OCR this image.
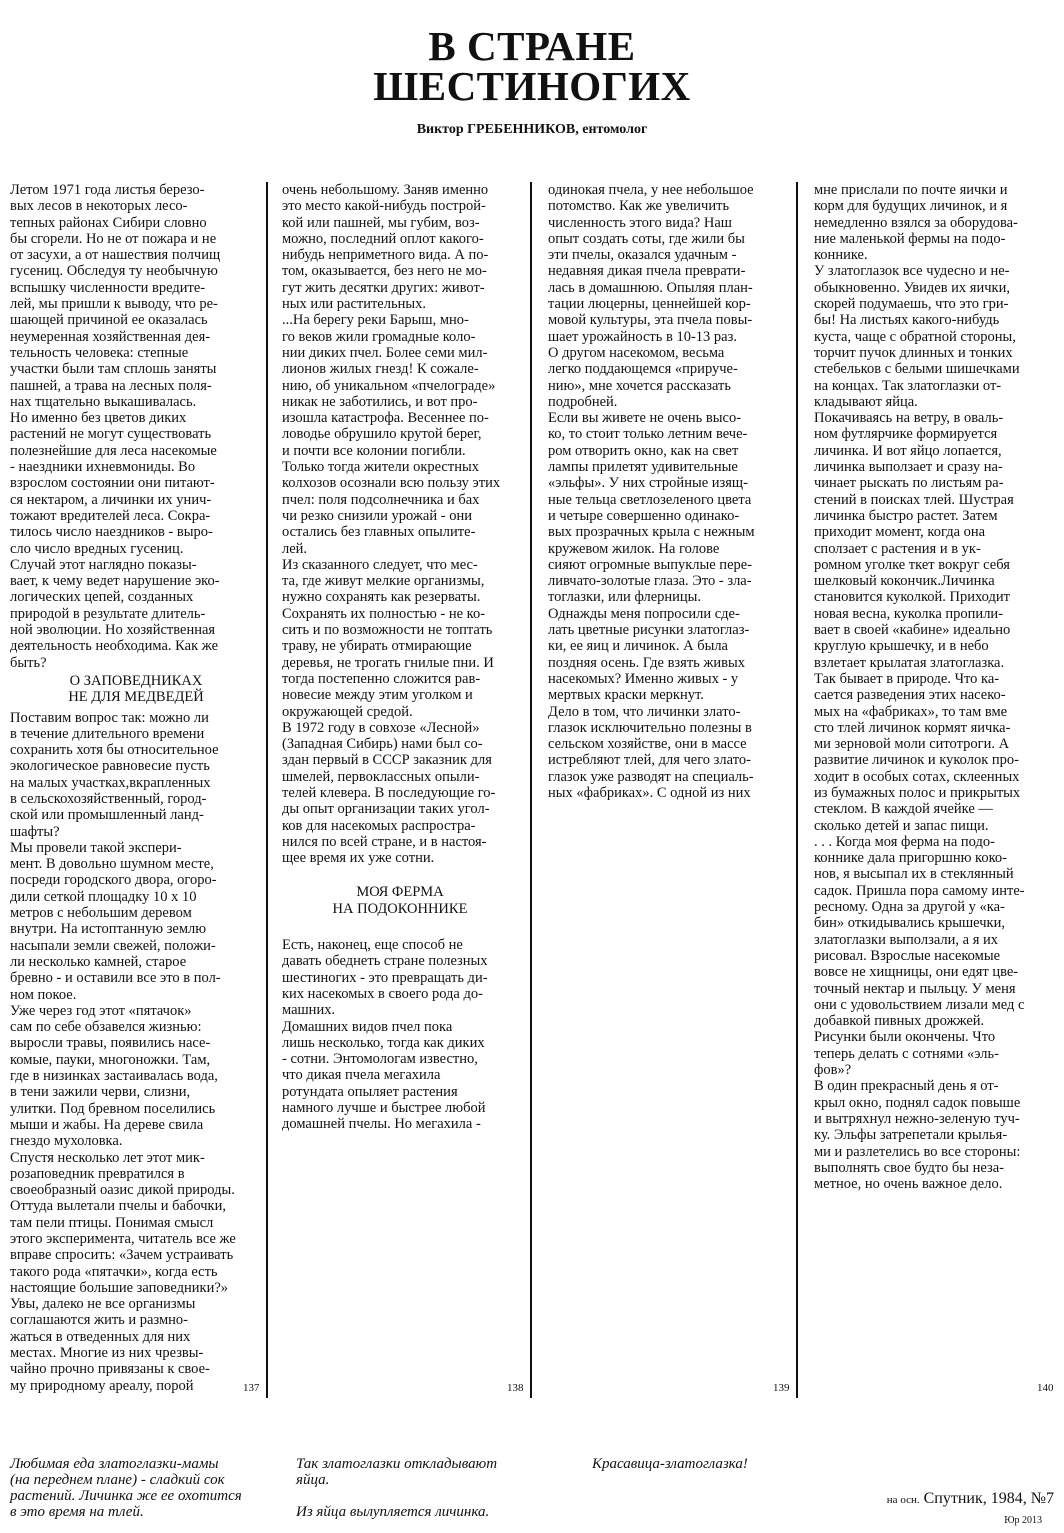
В СТРАНЕ
ШЕСТИНОГИХ

Виктор ГРЕБЕННИКОВ, ентомолог

Летом 1971 года листья березо-
вых лесов в некоторых лесо-
тепных районах Сибири словно
бы сгорели. Но не от пожара и не
от засухи, а от нашествия полчищ
гусениц. Обследуя ту необычную
вспышку численности вредите-
лей, мы пришли к выводу, что ре-
шающей причиной ее оказалась
неумеренная хозяйственная дея-
тельность человека: степные
участки были там сплошь заняты
пашней, а трава на лесных поля-
нах тщательно выкашивалась.
Но именно без цветов диких
растений не могут существовать
полезнейшие для леса насекомые
- наездники ихневмониды. Во
взрослом состоянии они питают-
ся нектаром, а личинки их унич-
тожают вредителей леса. Сокра-
тилось число наездников - выро-
сло число вредных гусениц.
Случай этот наглядно показы-
вает, к чему ведет нарушение эко-
логических цепей, созданных
природой в результате длитель-
ной эволюции. Но хозяйственная
деятельность необходима. Как же
быть?

О ЗАПОВЕДНИКАХ
НЕ ДЛЯ МЕДВЕДЕЙ

Поставим вопрос так: можно ли
в течение длительного времени
сохранить хотя бы относительное
экологическое равновесие пусть
на малых участках,вкрапленных
в сельскохозяйственный, город-
ской или промышленный ланд-
шафты?
Мы провели такой экспери-
мент. В довольно шумном месте,
посреди городского двора, огоро-
дили сеткой площадку 10 х 10
метров с небольшим деревом
внутри. На истоптанную землю
насыпали земли свежей, положи-
ли несколько камней, старое
бревно - и оставили все это в пол-
ном покое.
Уже через год этот «пятачок»
сам по себе обзавелся жизнью:
выросли травы, появились насе-
комые, пауки, многоножки. Там,
где в низинках застаивалась вода,
в тени зажили черви, слизни,
улитки. Под бревном поселились
мыши и жабы. На дереве свила
гнездо мухоловка.
Спустя несколько лет этот мик-
розаповедник превратился в
своеобразный оазис дикой природы.
Оттуда вылетали пчелы и бабочки,
там пели птицы. Понимая смысл
этого эксперимента, читатель все же
вправе спросить: «Зачем устраивать
такого рода «пятачки», когда есть
настоящие большие заповедники?»
Увы, далеко не все организмы
соглашаются жить и размно-
жаться в отведенных для них
местах. Многие из них чрезвы-
чайно прочно привязаны к свое-
му природному ареалу, порой

очень небольшому. Заняв именно
это место какой-нибудь построй-
кой или пашней, мы губим, воз-
можно, последний оплот какого-
нибудь неприметного вида. А по-
том, оказывается, без него не мо-
гут жить десятки других: живот-
ных или растительных.
...На берегу реки Барыш, мно-
го веков жили громадные коло-
нии диких пчел. Более семи мил-
лионов жилых гнезд! К сожале-
нию, об уникальном «пчелограде»
никак не заботились, и вот про-
изошла катастрофа. Весеннее по-
ловодье обрушило крутой берег,
и почти все колонии погибли.
Только тогда жители окрестных
колхозов осознали всю пользу этих
пчел: поля подсолнечника и бах
чи резко снизили урожай - они
остались без главных опылите-
лей.
Из сказанного следует, что мес-
та, где живут мелкие организмы,
нужно сохранять как резерваты.
Сохранять их полностью - не ко-
сить и по возможности не топтать
траву, не убирать отмирающие
деревья, не трогать гнилые пни. И
тогда постепенно сложится рав-
новесие между этим уголком и
окружающей средой.
В 1972 году в совхозе «Лесной»
(Западная Сибирь) нами был со-
здан первый в СССР заказник для
шмелей, первокласcных опыли-
телей клевера. В последующие го-
ды опыт организации таких угол-
ков для насекомых распростра-
нился по всей стране, и в настоя-
щее время их уже сотни.

МОЯ ФЕРМА
НА ПОДОКОННИКЕ

Есть, наконец, еще способ не
давать обеднеть стране полезных
шестиногих - это превращать ди-
ких насекомых в своего рода до-
машних.
Домашних видов пчел пока
лишь несколько, тогда как диких
- сотни. Энтомологам известно,
что дикая пчела мегахила
ротундата опыляет растения
намного лучше и быстрее любой
домашней пчелы. Но мегахила -

одинокая пчела, у нее небольшое
потомство. Как же увеличить
численность этого вида? Наш
опыт создать соты, где жили бы
эти пчелы, оказался удачным -
недавняя дикая пчела преврати-
лась в домашнюю. Опыляя план-
тации люцерны, ценнейшей кор-
мовой культуры, эта пчела повы-
шает урожайность в 10-13 раз.
О другом насекомом, весьма
легко поддающемся «прируче-
нию», мне хочется рассказать
подробней.
Если вы живете не очень высо-
ко, то стоит только летним вече-
ром отворить окно, как на свет
лампы прилетят удивительные
«эльфы». У них стройные изящ-
ные тельца светлозеленого цвета
и четыре совершенно одинако-
вых прозрачных крыла с нежным
кружевом жилок. На голове
сияют огромные выпуклые пере-
ливчато-золотые глаза. Это - зла-
тоглазки, или флерницы.
Однажды меня попросили сде-
лать цветные рисунки златоглаз-
ки, ее яиц и личинок. А была
поздняя осень. Где взять живых
насекомых? Именно живых - у
мертвых краски меркнут.
Дело в том, что личинки злато-
глазок исключительно полезны в
сельском хозяйстве, они в массе
истребляют тлей, для чего злато-
глазок уже разводят на специаль-
ных «фабриках». С одной из них

мне прислали по почте яички и
корм для будущих личинок, и я
немедленно взялся за оборудова-
ние маленькой фермы на подо-
коннике.
У златоглазок все чудесно и не-
обыкновенно. Увидев их яички,
скорей подумаешь, что это гри-
бы! На листьях какого-нибудь
куста, чаще с обратной стороны,
торчит пучок длинных и тонких
стебельков с белыми шишечками
на концах. Так златоглазки от-
кладывают яйца.
Покачиваясь на ветру, в оваль-
ном футлярчике формируется
личинка. И вот яйцо лопается,
личинка выползает и сразу на-
чинает рыскать по листьям ра-
стений в поисках тлей. Шустрая
личинка быстро растет. Затем
приходит момент, когда она
сползает с растения и в ук-
ромном уголке ткет вокруг себя
шелковый кокончик.Личинка
становится куколкой. Приходит
новая весна, куколка пропили-
вает в своей «кабине» идеально
круглую крышечку, и в небо
взлетает крылатая златоглазка.
Так бывает в природе. Что ка-
сается разведения этих насеко-
мых на «фабриках», то там вме
сто тлей личинок кормят яичка-
ми зерновой моли ситотроги. А
развитие личинок и куколок про-
ходит в особых сотах, склеенных
из бумажных полос и прикрытых
стеклом. В каждой ячейке —
сколько детей и запас пищи.
. . . Когда моя ферма на подо-
коннике дала пригоршню коко-
нов, я высыпал их в стеклянный
садок. Пришла пора самому инте-
ресному. Одна за другой у «ка-
бин» откидывались крышечки,
златоглазки выползали, а я их
рисовал. Взрослые насекомые
вовсе не хищницы, они едят цве-
точный нектар и пыльцу. У меня
они с удовольствием лизали мед с
добавкой пивных дрожжей.
Рисунки были окончены. Что
теперь делать с сотнями «эль-
фов»?
В один прекрасный день я от-
крыл окно, поднял садок повыше
и вытряхнул нежно-зеленую туч-
ку. Эльфы затрепетали крылья-
ми и разлетелись во все стороны:
выполнять свое будто бы неза-
метное, но очень важное дело.

137	138	139	140

Любимая еда златоглазки-мамы
(на переднем плане) - сладкий сок
растений. Личинка же ее охотится
в это время на тлей.

Так златоглазки откладывают
яйца.

Из яйца вылупляется личинка.

Красавица-златоглазка!

на осн. Спутник, 1984, №7
Юр 2013
